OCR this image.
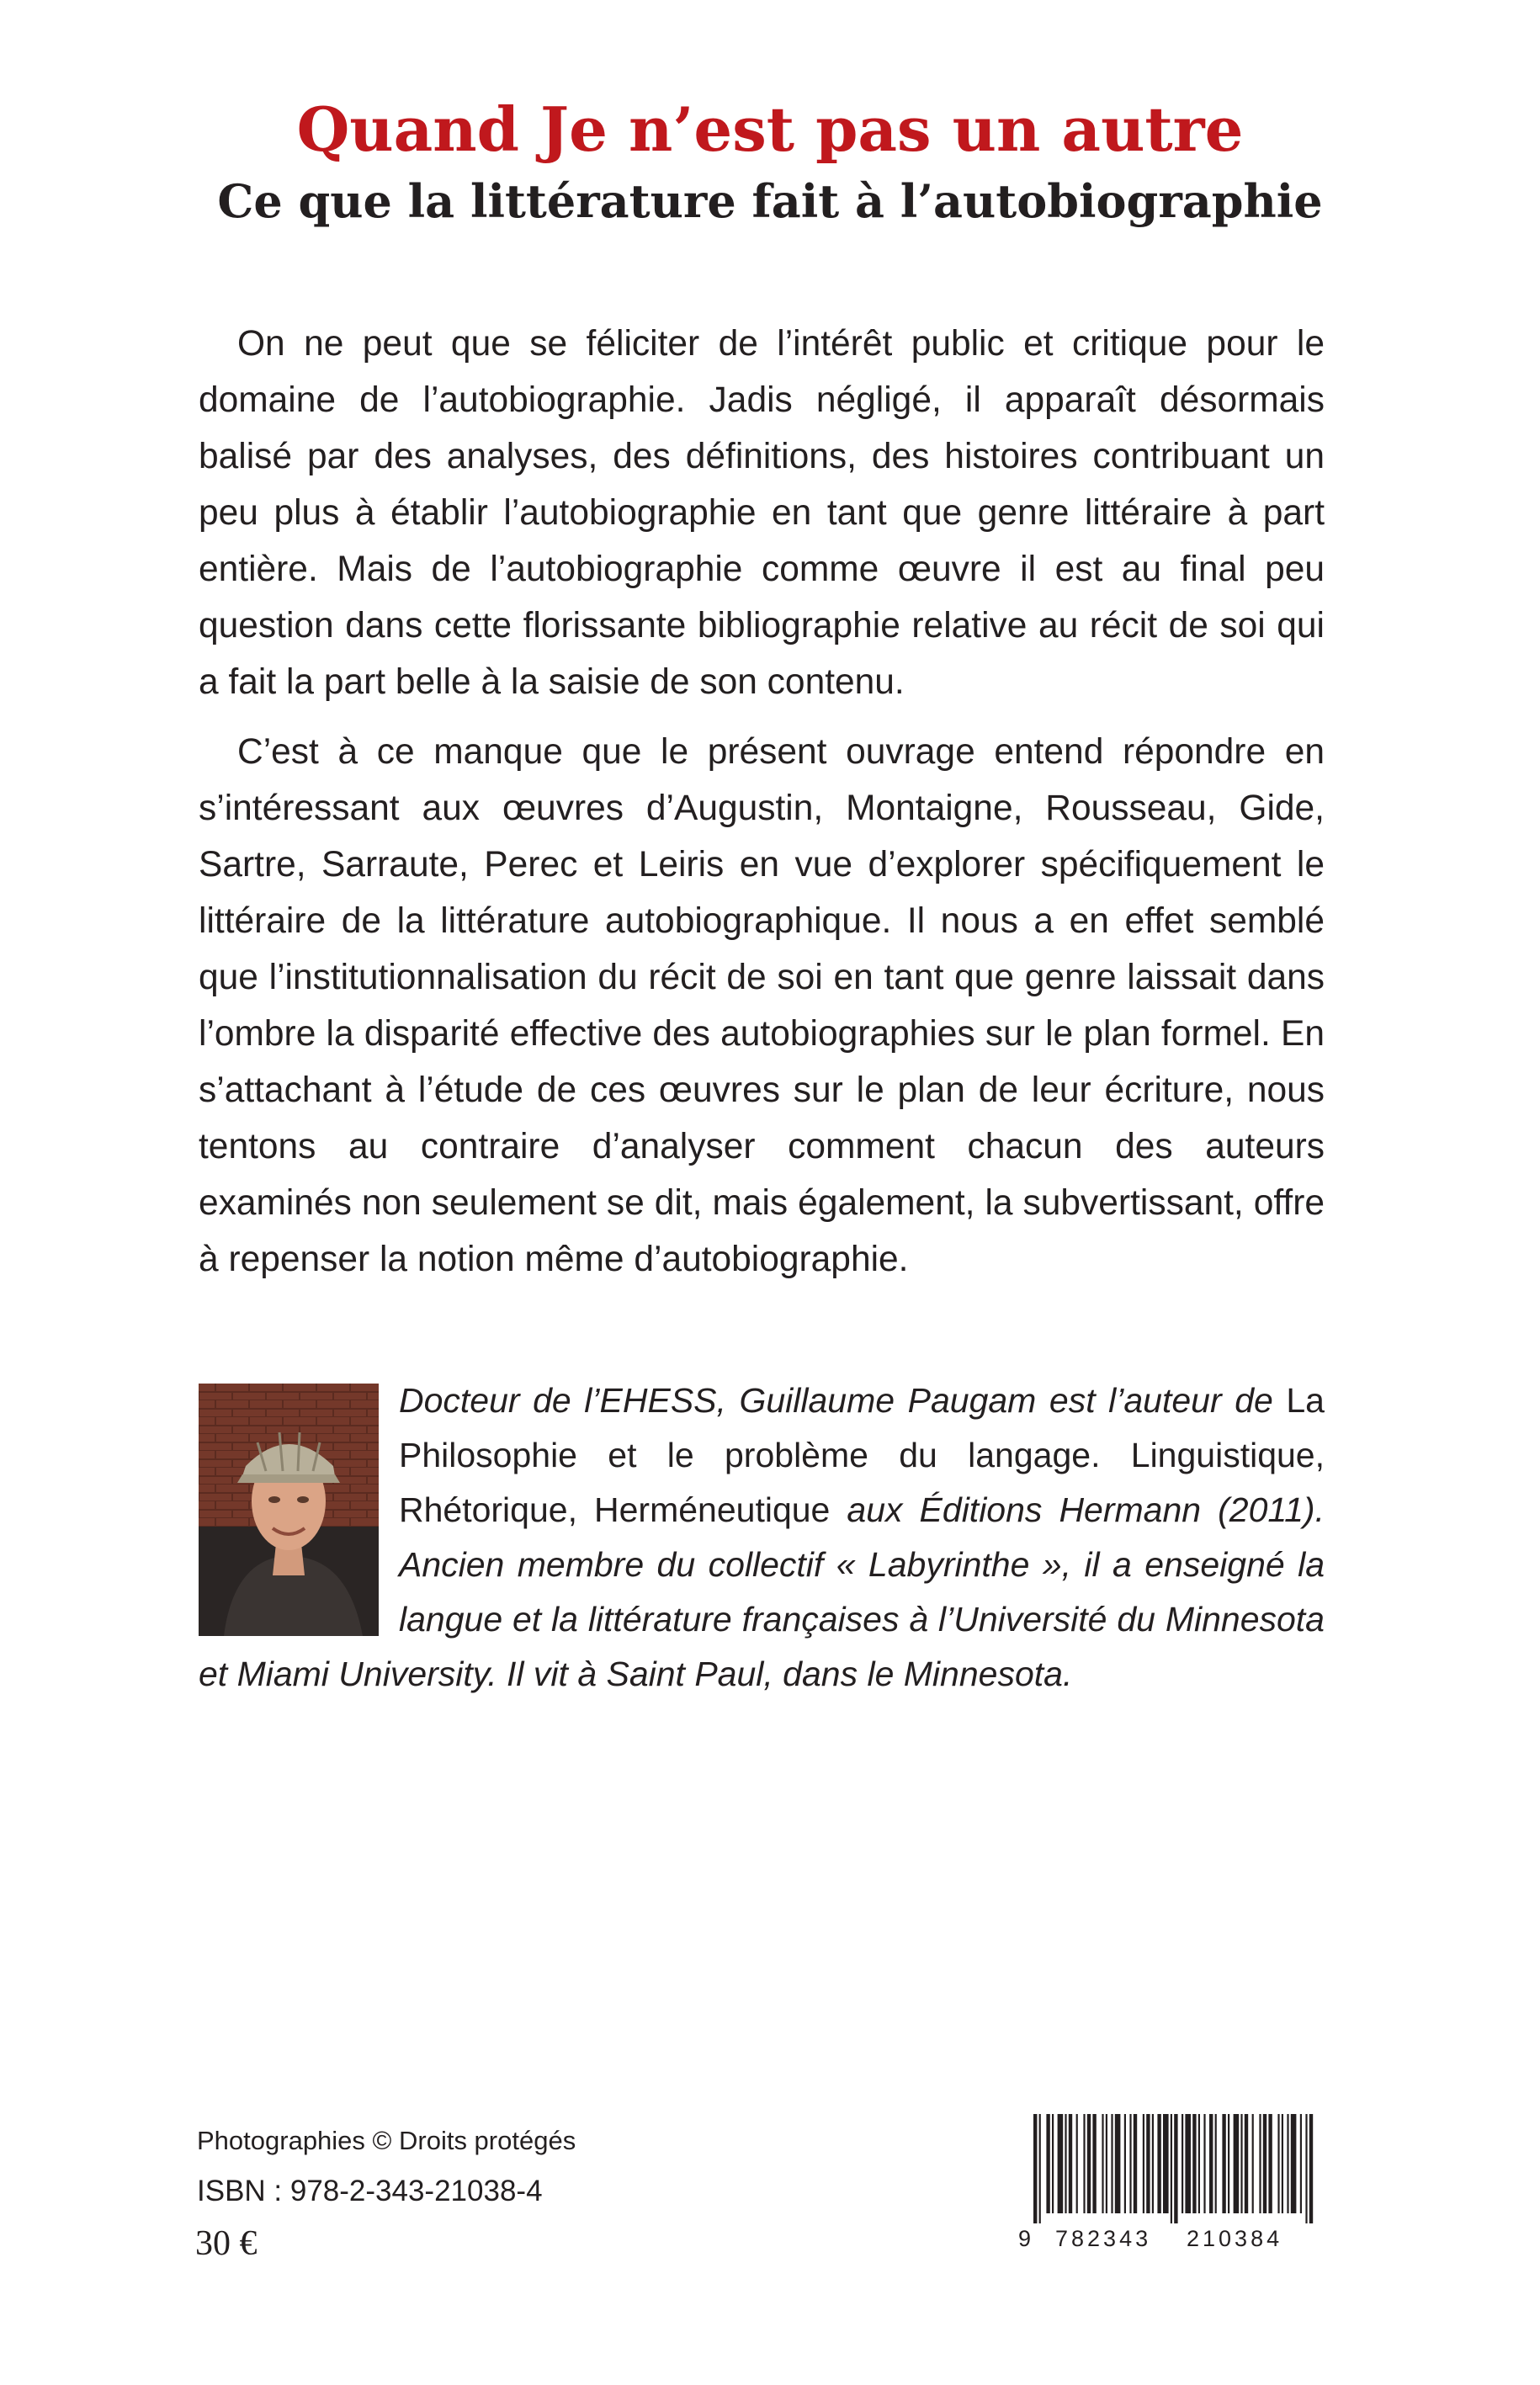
Quand Je n’est pas un autre
Ce que la littérature fait à l’autobiographie

On ne peut que se féliciter de l’intérêt public et critique pour le domaine de l’autobiographie. Jadis négligé, il apparaît désormais balisé par des analyses, des définitions, des histoires contribuant un peu plus à établir l’autobiographie en tant que genre littéraire à part entière. Mais de l’autobiographie comme œuvre il est au final peu question dans cette florissante bibliographie relative au récit de soi qui a fait la part belle à la saisie de son contenu.

C’est à ce manque que le présent ouvrage entend répondre en s’intéressant aux œuvres d’Augustin, Montaigne, Rousseau, Gide, Sartre, Sarraute, Perec et Leiris en vue d’explorer spécifiquement le littéraire de la littérature autobiographique. Il nous a en effet semblé que l’institutionnalisation du récit de soi en tant que genre laissait dans l’ombre la disparité effective des autobiographies sur le plan formel. En s’attachant à l’étude de ces œuvres sur le plan de leur écriture, nous tentons au contraire d’analyser comment chacun des auteurs examinés non seulement se dit, mais également, la subvertissant, offre à repenser la notion même d’autobiographie.

Docteur de l’EHESS, Guillaume Paugam est l’auteur de La Philosophie et le problème du langage. Linguistique, Rhétorique, Herméneutique aux Éditions Hermann (2011). Ancien membre du collectif « Labyrinthe », il a enseigné la langue et la littérature françaises à l’Université du Minnesota et Miami University. Il vit à Saint Paul, dans le Minnesota.
Photographies © Droits protégés
ISBN : 978-2-343-21038-4
30 €	9 782343 210384
